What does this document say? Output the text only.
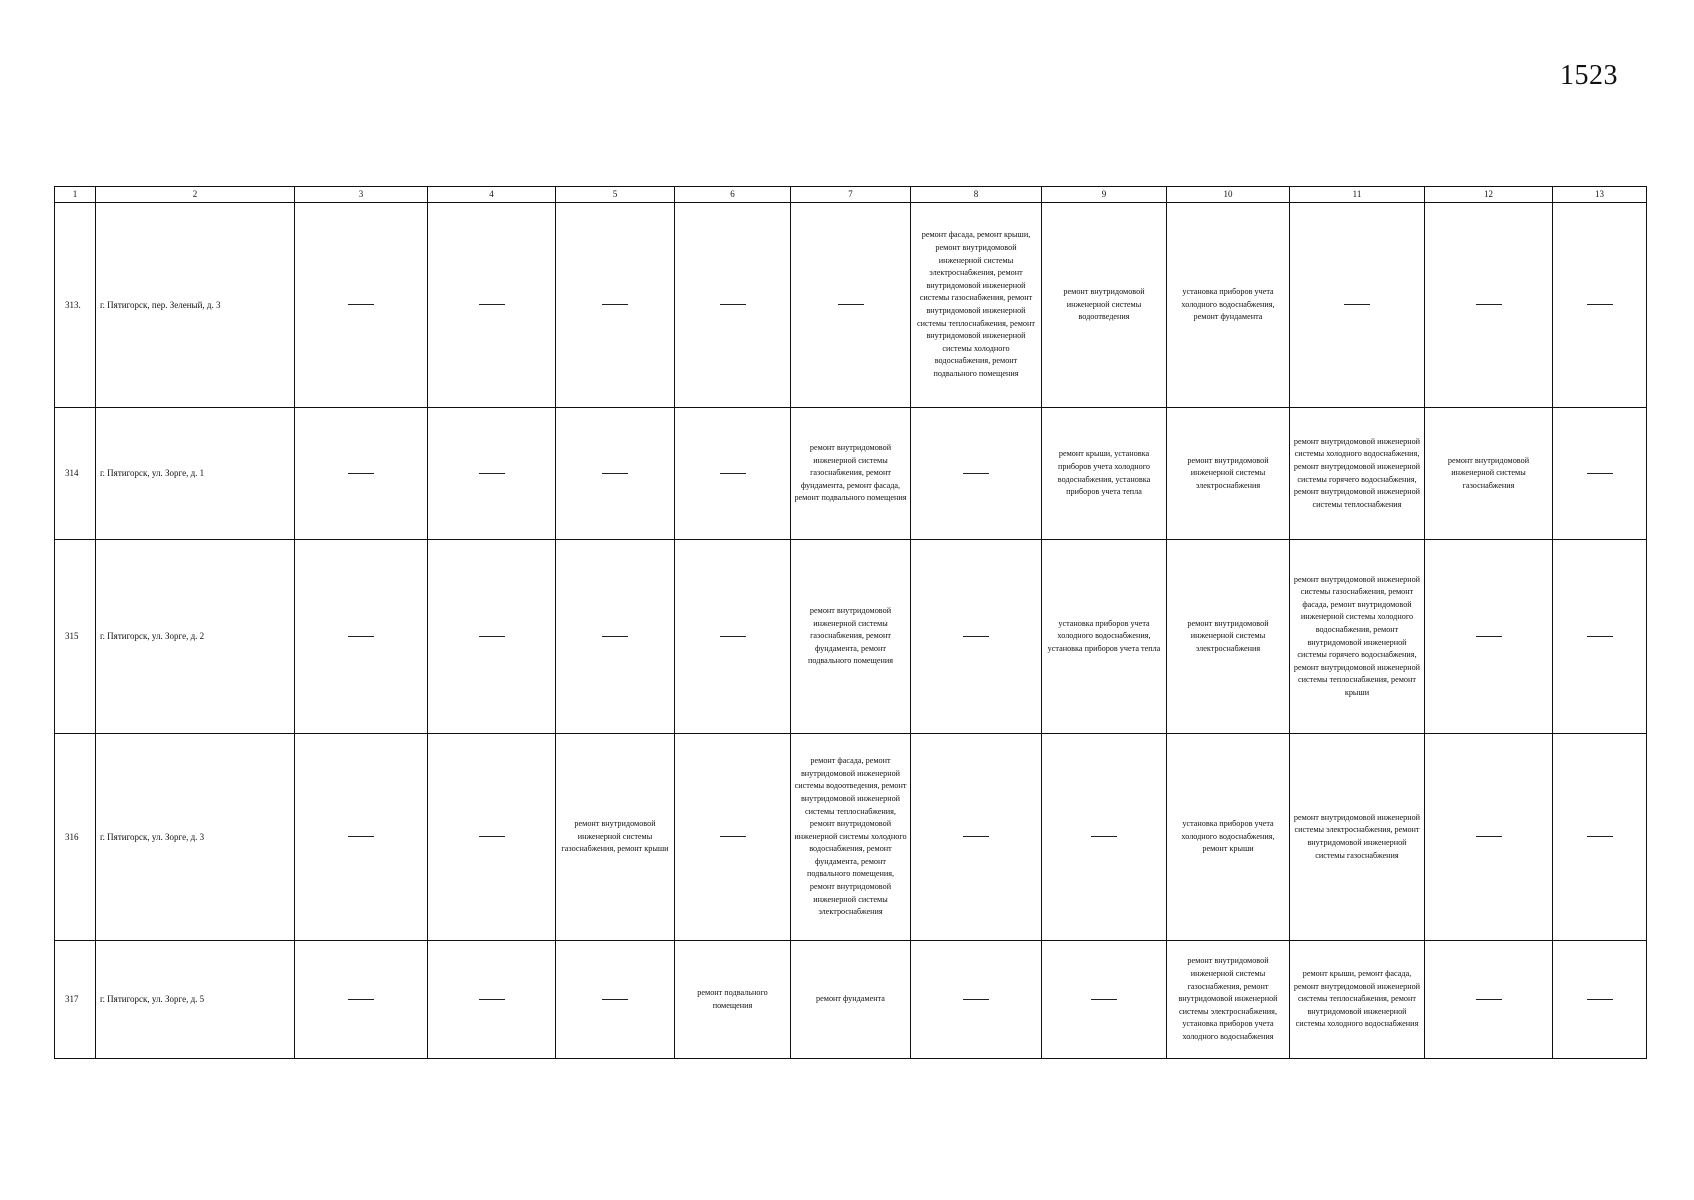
1523
1	2	3	4	5	6	7	8	9	10	11	12	13
313.	г. Пятигорск, пер. Зеленый, д. 3						ремонт фасада, ремонт крыши, ремонт внутридомовой инженерной системы электроснабжения, ремонт внутридомовой инженерной системы газоснабжения, ремонт внутридомовой инженерной системы теплоснабжения, ремонт внутридомовой инженерной системы холодного водоснабжения, ремонт подвального помещения	ремонт внутридомовой инженерной системы водоотведения	установка приборов учета холодного водоснабжения, ремонт фундамента			
314	г. Пятигорск, ул. Зорге, д. 1					ремонт внутридомовой инженерной системы газоснабжения, ремонт фундамента, ремонт фасада, ремонт подвального помещения		ремонт крыши, установка приборов учета холодного водоснабжения, установка приборов учета тепла	ремонт внутридомовой инженерной системы электроснабжения	ремонт внутридомовой инженерной системы холодного водоснабжения, ремонт внутридомовой инженерной системы горячего водоснабжения, ремонт внутридомовой инженерной системы теплоснабжения	ремонт внутридомовой инженерной системы газоснабжения	
315	г. Пятигорск, ул. Зорге, д. 2					ремонт внутридомовой инженерной системы газоснабжения, ремонт фундамента, ремонт подвального помещения		установка приборов учета холодного водоснабжения, установка приборов учета тепла	ремонт внутридомовой инженерной системы электроснабжения	ремонт внутридомовой инженерной системы газоснабжения, ремонт фасада, ремонт внутридомовой инженерной системы холодного водоснабжения, ремонт внутридомовой инженерной системы горячего водоснабжения, ремонт внутридомовой инженерной системы теплоснабжения, ремонт крыши		
316	г. Пятигорск, ул. Зорге, д. 3			ремонт внутридомовой инженерной системы газоснабжения, ремонт крыши		ремонт фасада, ремонт внутридомовой инженерной системы водоотведения, ремонт внутридомовой инженерной системы теплоснабжения, ремонт внутридомовой инженерной системы холодного водоснабжения, ремонт фундамента, ремонт подвального помещения, ремонт внутридомовой инженерной системы электроснабжения			установка приборов учета холодного водоснабжения, ремонт крыши	ремонт внутридомовой инженерной системы электроснабжения, ремонт внутридомовой инженерной системы газоснабжения		
317	г. Пятигорск, ул. Зорге, д. 5				ремонт подвального помещения	ремонт фундамента			ремонт внутридомовой инженерной системы газоснабжения, ремонт внутридомовой инженерной системы электроснабжения, установка приборов учета холодного водоснабжения	ремонт крыши, ремонт фасада, ремонт внутридомовой инженерной системы теплоснабжения, ремонт внутридомовой инженерной системы холодного водоснабжения		
